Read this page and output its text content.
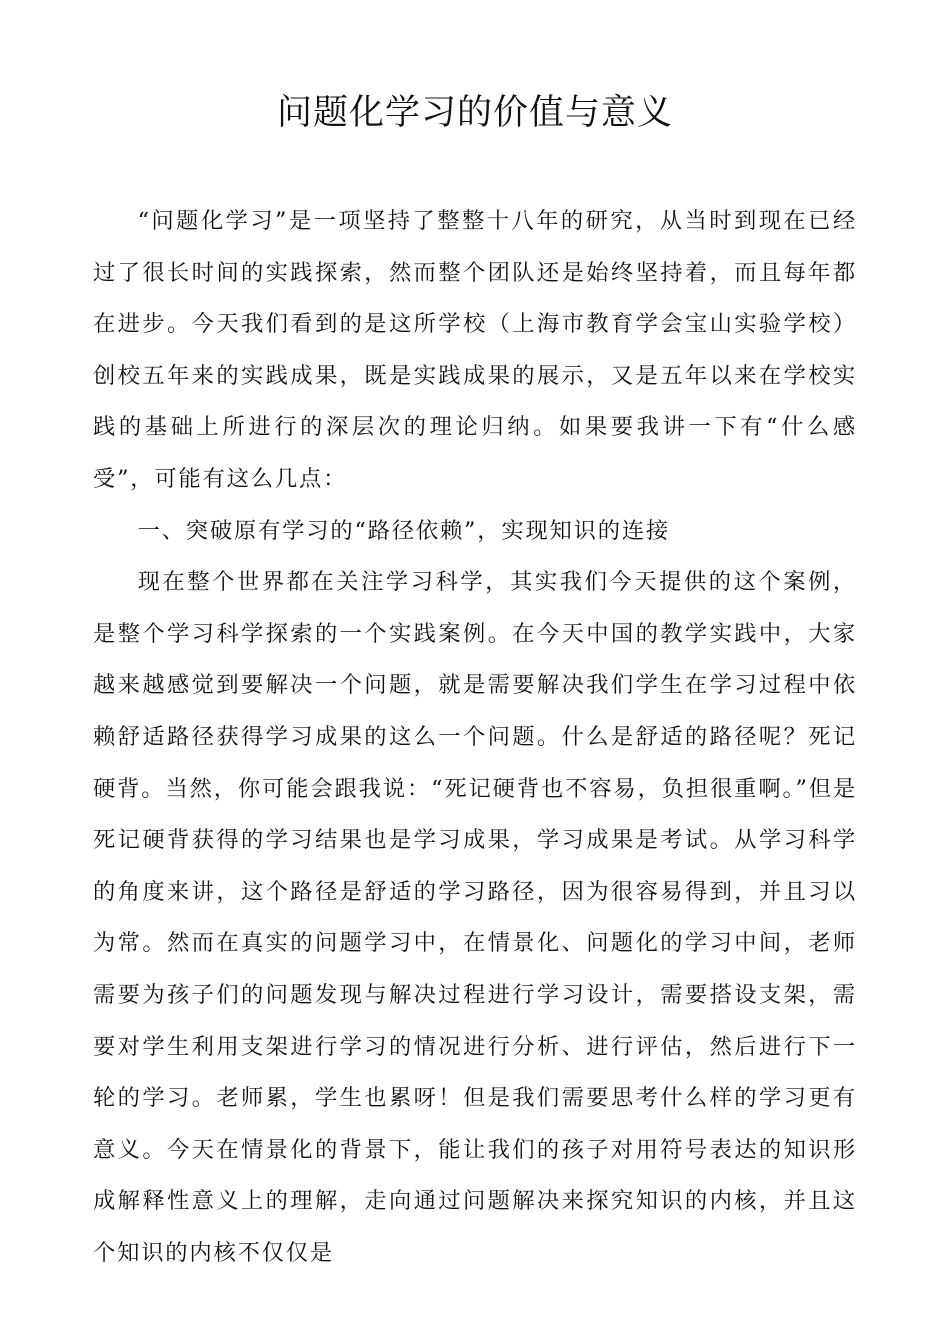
问题化学习的价值与意义

“问题化学习”是一项坚持了整整十八年的研究，从当时到现在已经过了很长时间的实践探索，然而整个团队还是始终坚持着，而且每年都在进步。今天我们看到的是这所学校（上海市教育学会宝山实验学校）创校五年来的实践成果，既是实践成果的展示，又是五年以来在学校实践的基础上所进行的深层次的理论归纳。如果要我讲一下有“什么感受”，可能有这么几点：

一、突破原有学习的“路径依赖”，实现知识的连接

现在整个世界都在关注学习科学，其实我们今天提供的这个案例，是整个学习科学探索的一个实践案例。在今天中国的教学实践中，大家越来越感觉到要解决一个问题，就是需要解决我们学生在学习过程中依赖舒适路径获得学习成果的这么一个问题。什么是舒适的路径呢？死记硬背。当然，你可能会跟我说：“死记硬背也不容易，负担很重啊。”但是死记硬背获得的学习结果也是学习成果，学习成果是考试。从学习科学的角度来讲，这个路径是舒适的学习路径，因为很容易得到，并且习以为常。然而在真实的问题学习中，在情景化、问题化的学习中间，老师需要为孩子们的问题发现与解决过程进行学习设计，需要搭设支架，需要对学生利用支架进行学习的情况进行分析、进行评估，然后进行下一轮的学习。老师累，学生也累呀！但是我们需要思考什么样的学习更有意义。今天在情景化的背景下，能让我们的孩子对用符号表达的知识形成解释性意义上的理解，走向通过问题解决来探究知识的内核，并且这个知识的内核不仅仅是
